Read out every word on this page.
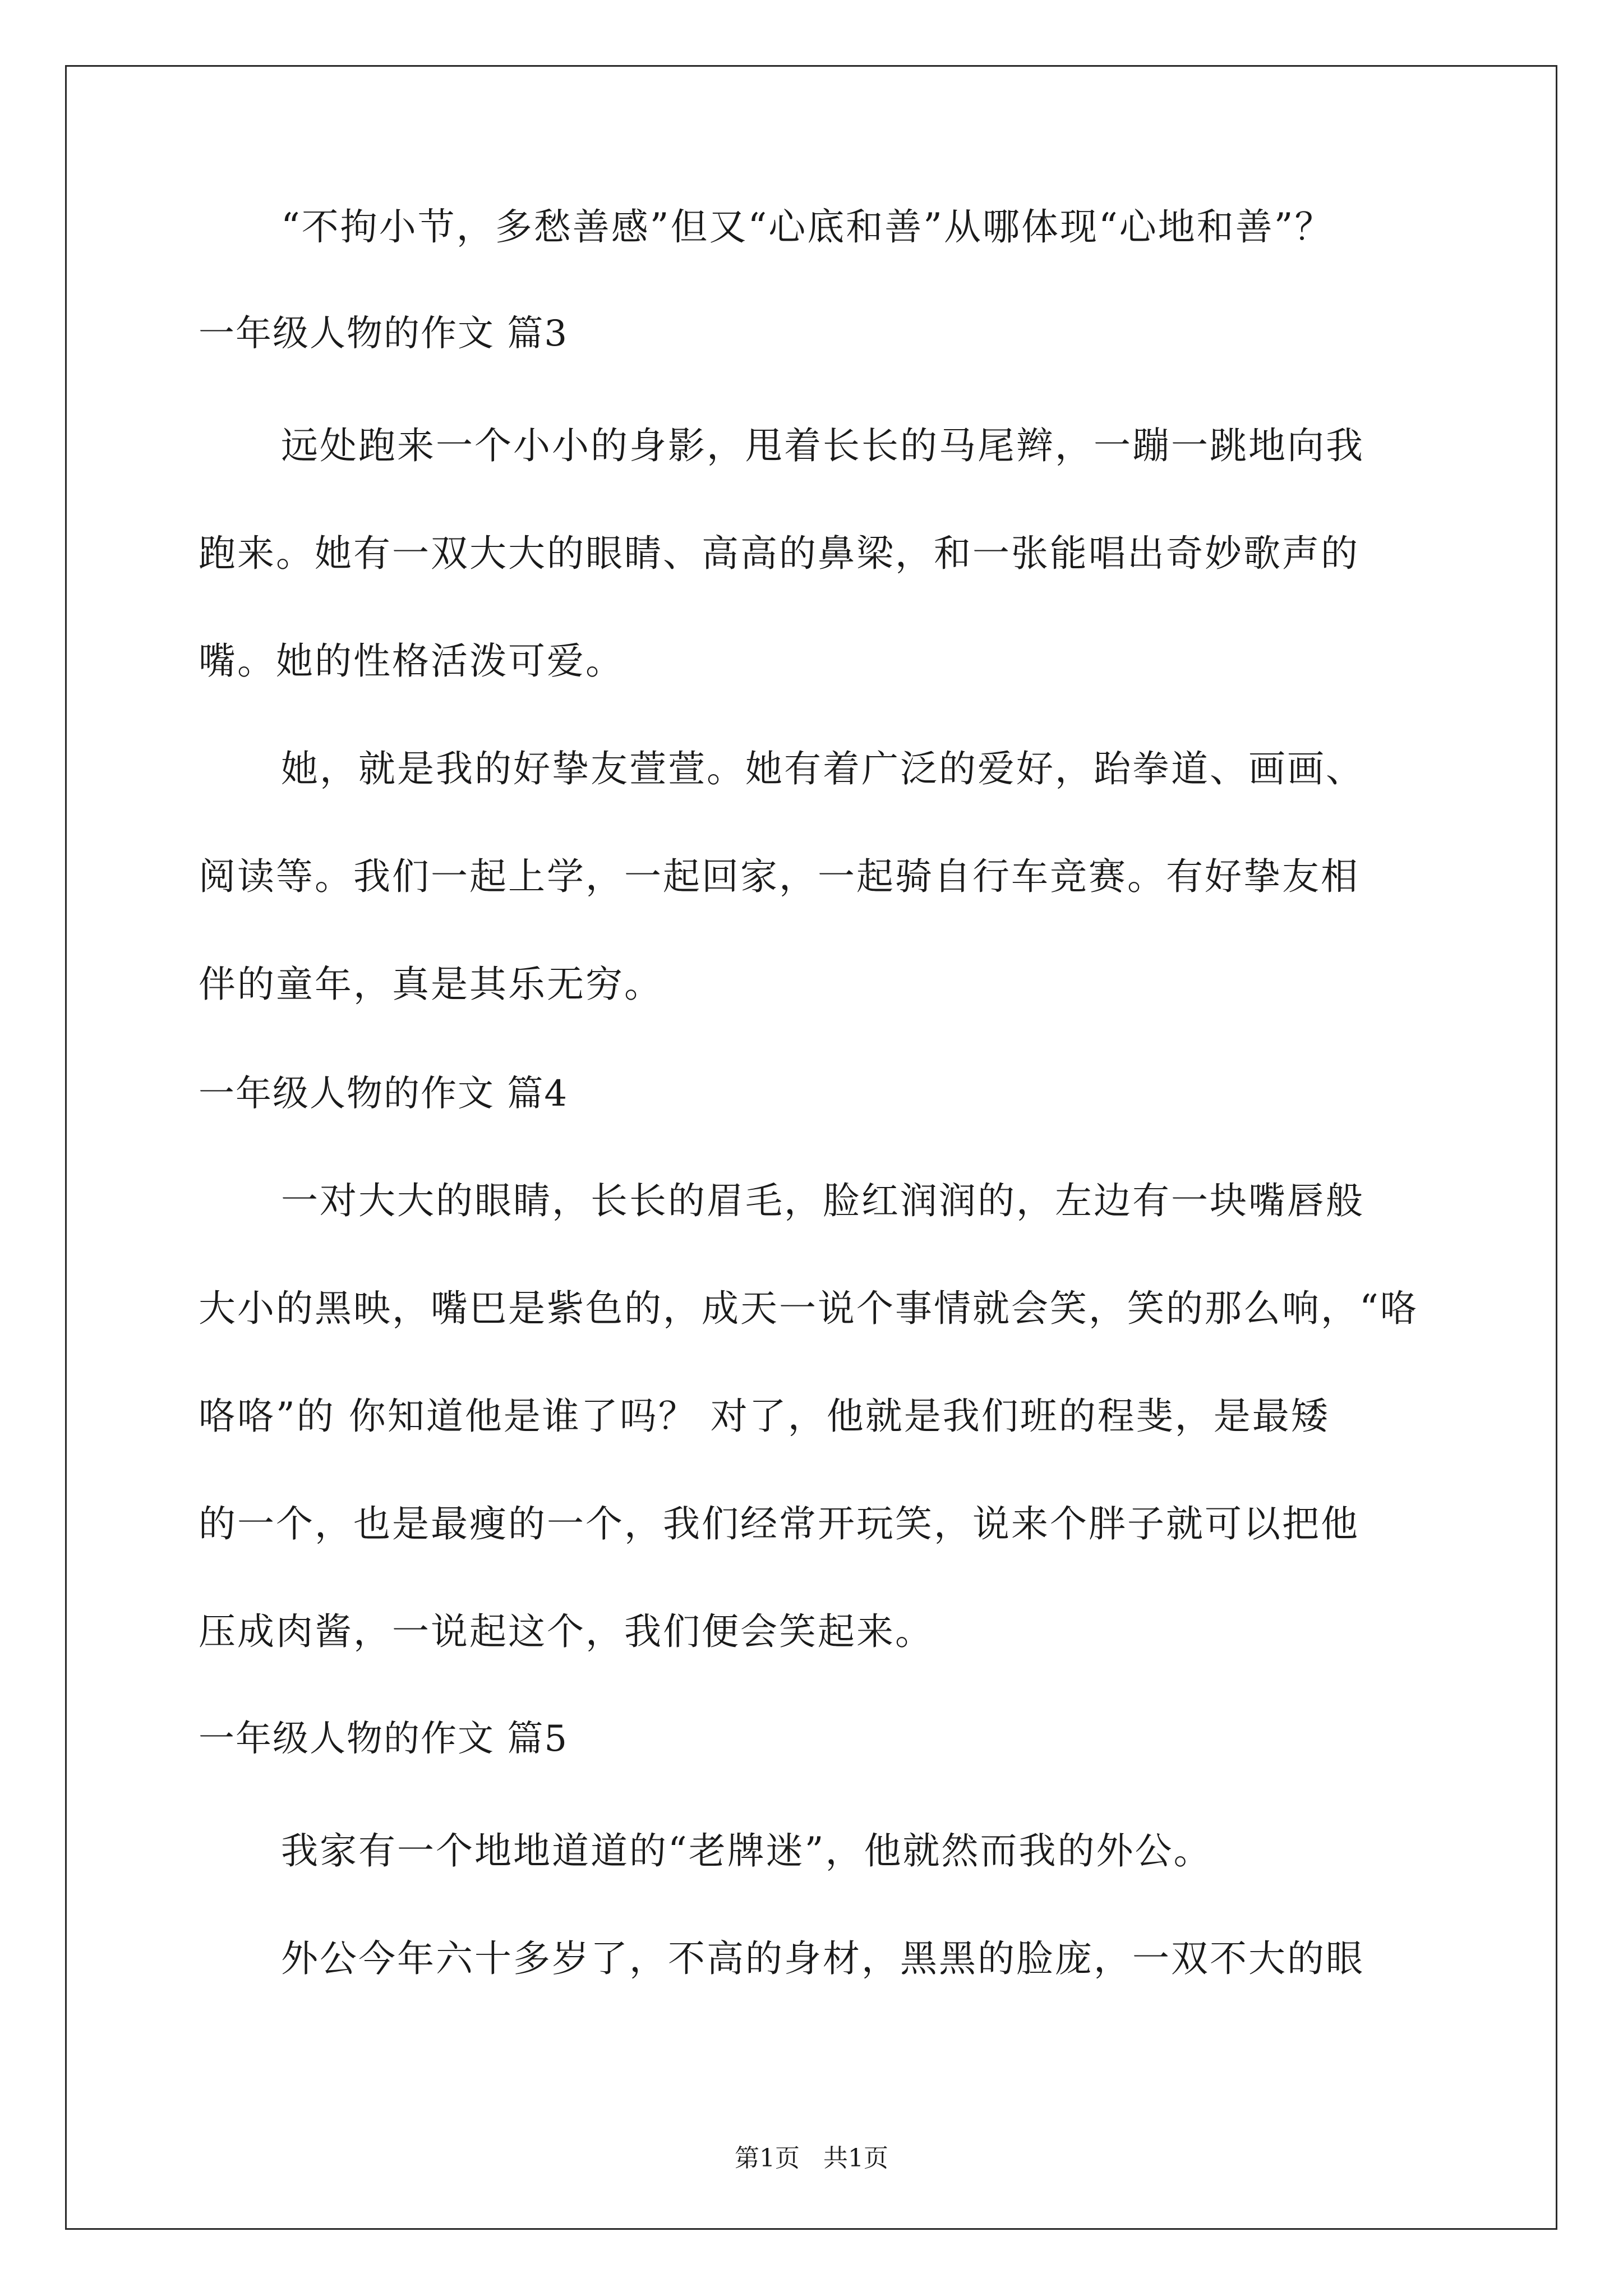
“不拘小节，多愁善感”但又“心底和善”从哪体现“心地和善”？
一年级人物的作文 篇3
远处跑来一个小小的身影，甩着长长的马尾辫，一蹦一跳地向我
跑来。她有一双大大的眼睛、高高的鼻梁，和一张能唱出奇妙歌声的
嘴。她的性格活泼可爱。
她，就是我的好挚友萱萱。她有着广泛的爱好，跆拳道、画画、
阅读等。我们一起上学，一起回家，一起骑自行车竞赛。有好挚友相
伴的童年，真是其乐无穷。
一年级人物的作文 篇4
一对大大的眼睛，长长的眉毛，脸红润润的，左边有一块嘴唇般
大小的黑映，嘴巴是紫色的，成天一说个事情就会笑，笑的那么响，“咯
咯咯”的 你知道他是谁了吗？ 对了，他就是我们班的程斐，是最矮
的一个，也是最瘦的一个，我们经常开玩笑，说来个胖子就可以把他
压成肉酱，一说起这个，我们便会笑起来。
一年级人物的作文 篇5
我家有一个地地道道的“老牌迷”，他就然而我的外公。
外公今年六十多岁了，不高的身材，黑黑的脸庞，一双不大的眼
第1页   共1页
